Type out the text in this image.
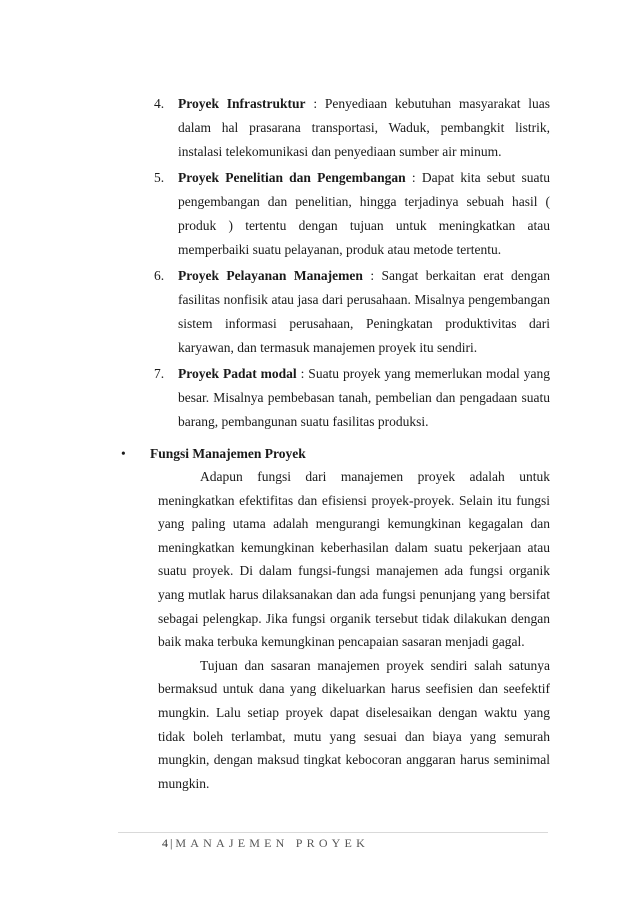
4.	Proyek Infrastruktur : Penyediaan kebutuhan masyarakat luas dalam hal prasarana transportasi, Waduk, pembangkit listrik, instalasi telekomunikasi dan penyediaan sumber air minum.
5.	Proyek Penelitian dan Pengembangan : Dapat kita sebut suatu pengembangan dan penelitian, hingga terjadinya sebuah hasil ( produk ) tertentu dengan tujuan untuk meningkatkan atau memperbaiki suatu pelayanan, produk atau metode tertentu.
6.	Proyek Pelayanan Manajemen : Sangat berkaitan erat dengan fasilitas nonfisik atau jasa dari perusahaan. Misalnya pengembangan sistem informasi perusahaan, Peningkatan produktivitas dari karyawan, dan termasuk manajemen proyek itu sendiri.
7.	Proyek Padat modal : Suatu proyek yang memerlukan modal yang besar. Misalnya pembebasan tanah, pembelian dan pengadaan suatu barang, pembangunan suatu fasilitas produksi.
• Fungsi Manajemen Proyek

Adapun fungsi dari manajemen proyek adalah untuk meningkatkan efektifitas dan efisiensi proyek-proyek. Selain itu fungsi yang paling utama adalah mengurangi kemungkinan kegagalan dan meningkatkan kemungkinan keberhasilan dalam suatu pekerjaan atau suatu proyek. Di dalam fungsi-fungsi manajemen ada fungsi organik yang mutlak harus dilaksanakan dan ada fungsi penunjang yang bersifat sebagai pelengkap. Jika fungsi organik tersebut tidak dilakukan dengan baik maka terbuka kemungkinan pencapaian sasaran menjadi gagal.

Tujuan dan sasaran manajemen proyek sendiri salah satunya bermaksud untuk dana yang dikeluarkan harus seefisien dan seefektif mungkin. Lalu setiap proyek dapat diselesaikan dengan waktu yang tidak boleh terlambat, mutu yang sesuai dan biaya yang semurah mungkin, dengan maksud tingkat kebocoran anggaran harus seminimal mungkin.

4 | MANAJEMEN PROYEK
